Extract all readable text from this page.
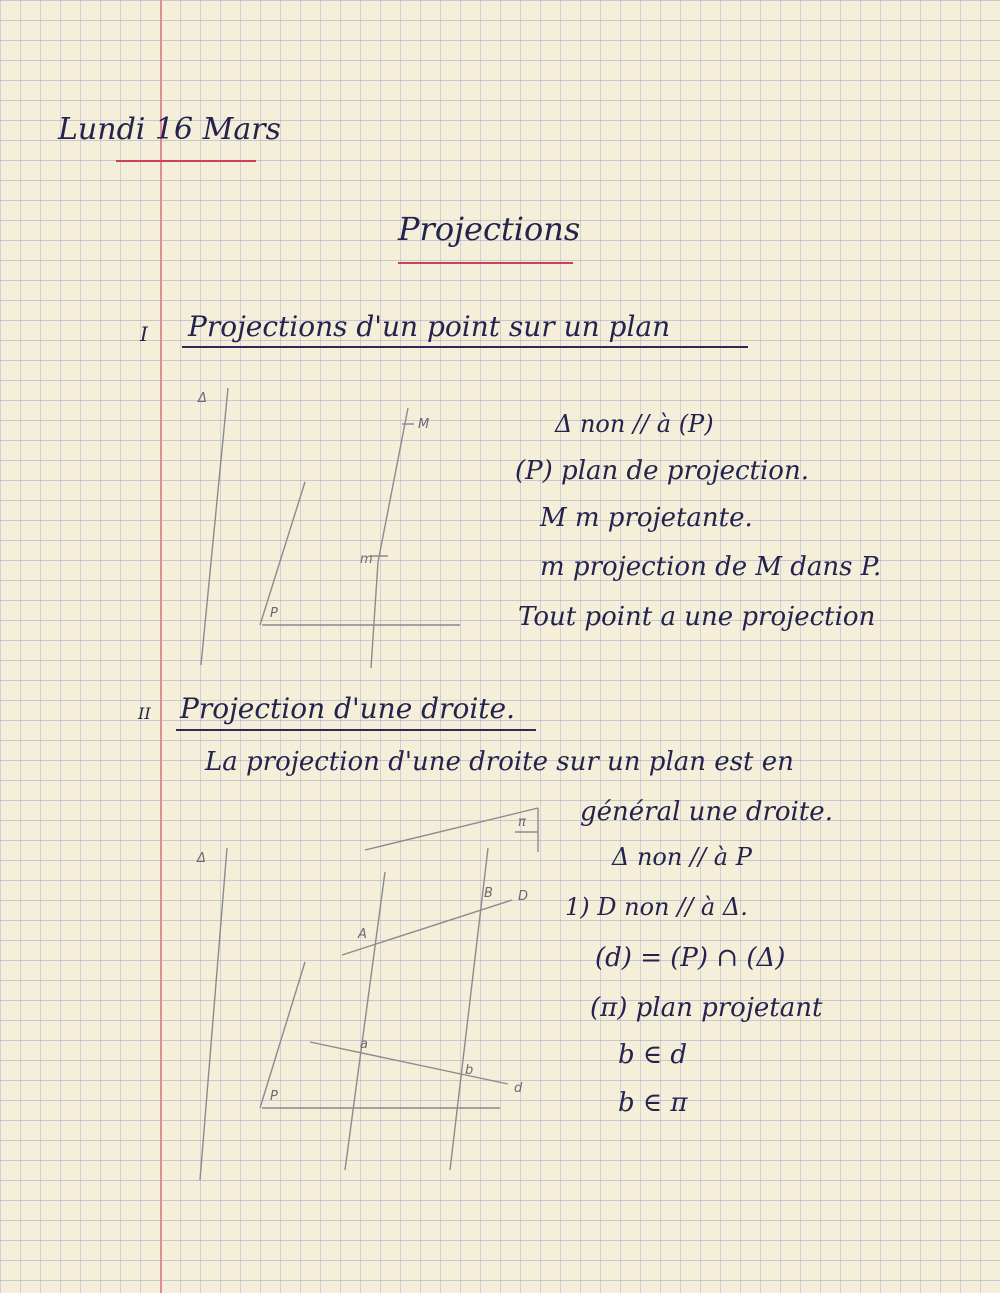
Lundi 16 Mars
Projections
I Projections d'un point sur un plan
Δ non // à (P)
(P) plan de projection.
M m projetante.
m projection de M dans P.
Tout point a une projection
Δ
M
m
P
II Projection d'une droite.
La projection d'une droite sur un plan est en
général une droite.
Δ non // à P
1) D non // à Δ.
(d) = (P) ∩ (Δ)
(π) plan projetant
b ∈ d
b ∈ π
Δ
π
D
A
B
a
b
d
P
